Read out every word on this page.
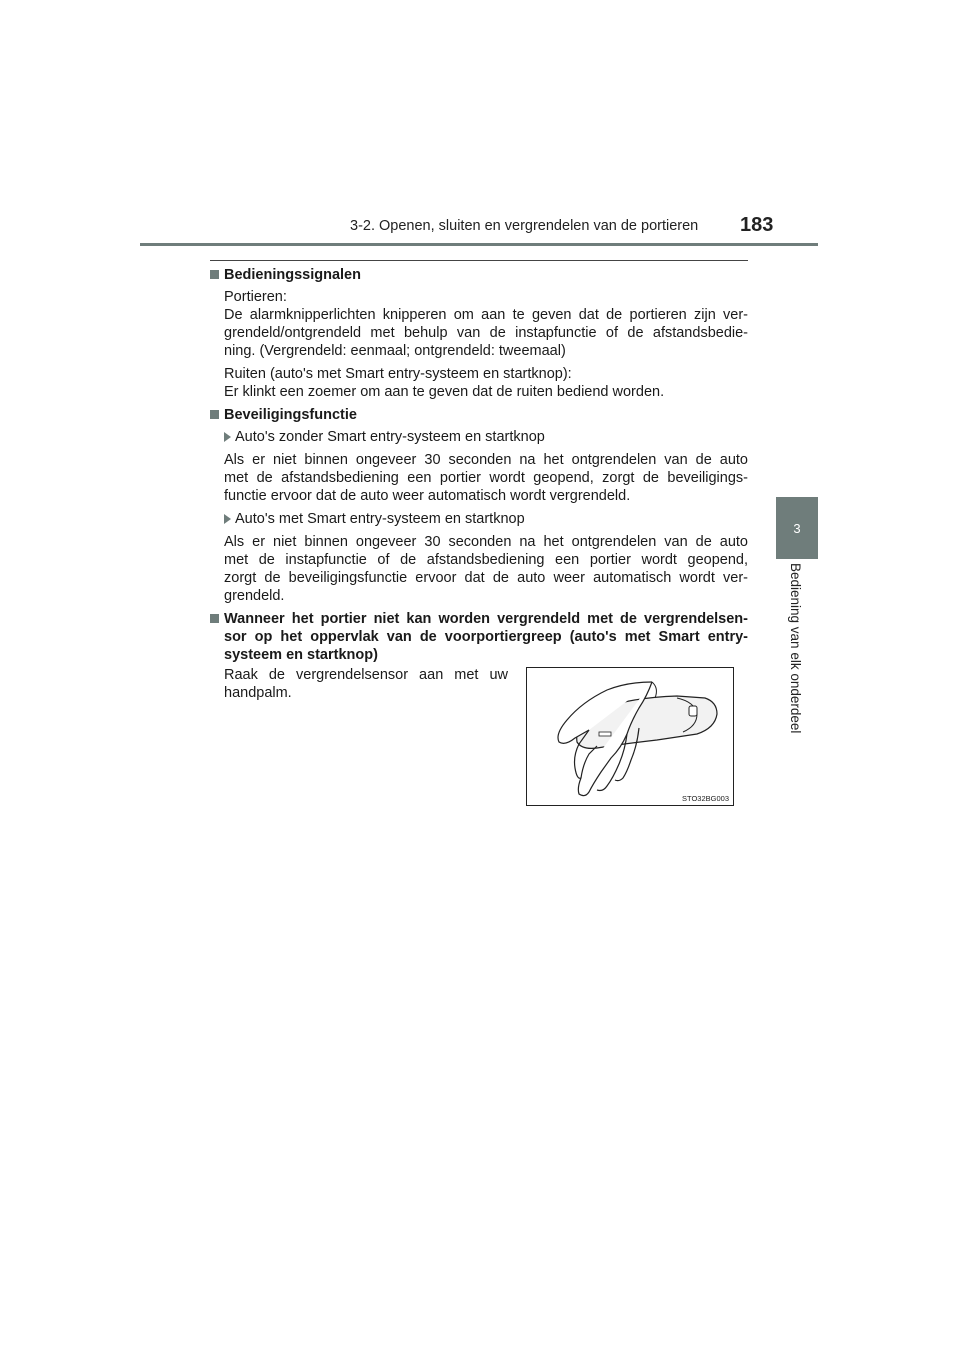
3-2. Openen, sluiten en vergrendelen van de portieren 183
3
Bediening van elk onderdeel
Bedieningssignalen
Portieren:
De alarmknipperlichten knipperen om aan te geven dat de portieren zijn ver-
grendeld/ontgrendeld met behulp van de instapfunctie of de afstandsbedie-
ning. (Vergrendeld: eenmaal; ontgrendeld: tweemaal)
Ruiten (auto's met Smart entry-systeem en startknop):
Er klinkt een zoemer om aan te geven dat de ruiten bediend worden.
Beveiligingsfunctie
Auto's zonder Smart entry-systeem en startknop
Als er niet binnen ongeveer 30 seconden na het ontgrendelen van de auto
met de afstandsbediening een portier wordt geopend, zorgt de beveiligings-
functie ervoor dat de auto weer automatisch wordt vergrendeld.
Auto's met Smart entry-systeem en startknop
Als er niet binnen ongeveer 30 seconden na het ontgrendelen van de auto
met de instapfunctie of de afstandsbediening een portier wordt geopend,
zorgt de beveiligingsfunctie ervoor dat de auto weer automatisch wordt ver-
grendeld.
Wanneer het portier niet kan worden vergrendeld met de vergrendelsen-
sor op het oppervlak van de voorportiergreep (auto's met Smart entry-
systeem en startknop)
Raak de vergrendelsensor aan met uw
handpalm.
STO32BG003
